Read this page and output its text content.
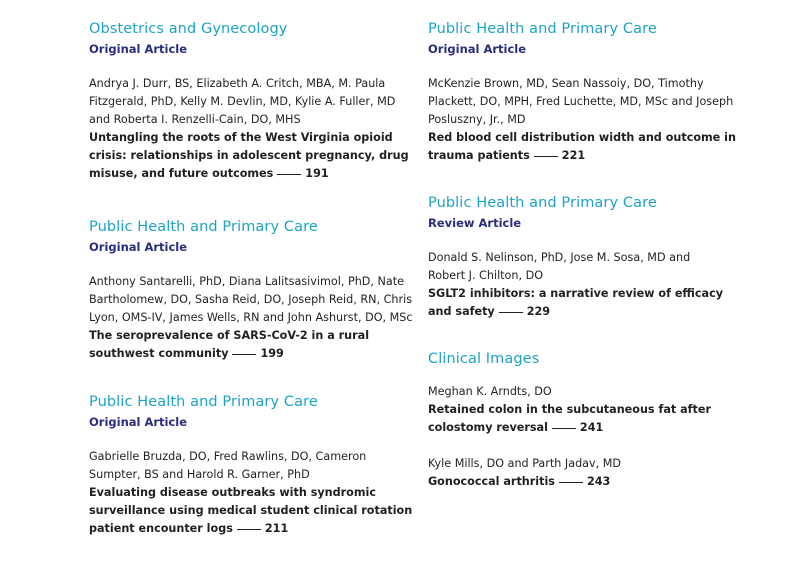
Obstetrics and Gynecology
Original Article
Andrya J. Durr, BS, Elizabeth A. Critch, MBA, M. Paula Fitzgerald, PhD, Kelly M. Devlin, MD, Kylie A. Fuller, MD and Roberta I. Renzelli-Cain, DO, MHS
Untangling the roots of the West Virginia opioid crisis: relationships in adolescent pregnancy, drug misuse, and future outcomes	191
Public Health and Primary Care
Original Article
Anthony Santarelli, PhD, Diana Lalitsasivimol, PhD, Nate Bartholomew, DO, Sasha Reid, DO, Joseph Reid, RN, Chris Lyon, OMS-IV, James Wells, RN and John Ashurst, DO, MSc
The seroprevalence of SARS-CoV-2 in a rural southwest community	199
Public Health and Primary Care
Original Article
Gabrielle Bruzda, DO, Fred Rawlins, DO, Cameron Sumpter, BS and Harold R. Garner, PhD
Evaluating disease outbreaks with syndromic surveillance using medical student clinical rotation patient encounter logs	211
Public Health and Primary Care
Original Article
McKenzie Brown, MD, Sean Nassoiy, DO, Timothy Plackett, DO, MPH, Fred Luchette, MD, MSc and Joseph Posluszny, Jr., MD
Red blood cell distribution width and outcome in trauma patients	221
Public Health and Primary Care
Review Article
Donald S. Nelinson, PhD, Jose M. Sosa, MD and Robert J. Chilton, DO
SGLT2 inhibitors: a narrative review of efficacy and safety	229
Clinical Images
Meghan K. Arndts, DO
Retained colon in the subcutaneous fat after colostomy reversal	241
Kyle Mills, DO and Parth Jadav, MD
Gonococcal arthritis	243
